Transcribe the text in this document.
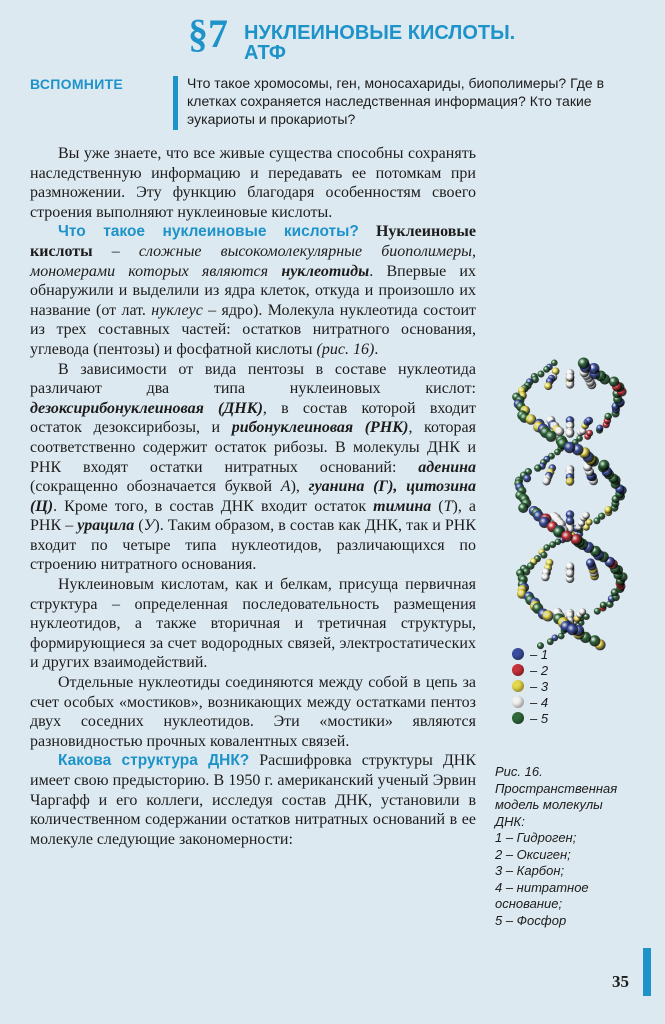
§7 НУКЛЕИНОВЫЕ КИСЛОТЫ.
АТФ
ВСПОМНИТЕ	Что такое хромосомы, ген, моносахариды, биополимеры? Где в клетках сохраняется наследственная информация? Кто такие эукариоты и прокариоты?

Вы уже знаете, что все живые существа способны сохранять наследственную информацию и передавать ее потомкам при размножении. Эту функцию благодаря особенностям своего строения выполняют нуклеиновые кислоты.

Что такое нуклеиновые кислоты? Нуклеиновые кислоты – сложные высокомолекулярные биополимеры, мономерами которых являются нуклеотиды. Впервые их обнаружили и выделили из ядра клеток, откуда и произошло их название (от лат. нуклеус – ядро). Молекула нуклеотида состоит из трех составных частей: остатков нитратного основания, углевода (пентозы) и фосфатной кислоты (рис. 16).

В зависимости от вида пентозы в составе нуклеотида различают два типа нуклеиновых кислот: дезоксирибонуклеиновая (ДНК), в состав которой входит остаток дезоксирибозы, и рибонуклеиновая (РНК), которая соответственно содержит остаток рибозы. В молекулы ДНК и РНК входят остатки нитратных оснований: аденина (сокращенно обозначается буквой А), гуанина (Г), цитозина (Ц). Кроме того, в состав ДНК входит остаток тимина (Т), а РНК – урацила (У). Таким образом, в состав как ДНК, так и РНК входит по четыре типа нуклеотидов, различающихся по строению нитратного основания.

Нуклеиновым кислотам, как и белкам, присуща первичная структура – определенная последовательность размещения нуклеотидов, а также вторичная и третичная структуры, формирующиеся за счет водородных связей, электростатических и других взаимодействий.

Отдельные нуклеотиды соединяются между собой в цепь за счет особых «мостиков», возникающих между остатками пентоз двух соседних нуклеотидов. Эти «мостики» являются разновидностью прочных ковалентных связей.

Какова структура ДНК? Расшифровка структуры ДНК имеет свою предысторию. В 1950 г. американский ученый Эрвин Чаргафф и его коллеги, исследуя состав ДНК, установили в количественном содержании остатков нитратных оснований в ее молекуле следующие закономерности:

– 1
– 2
– 3
– 4
– 5
Рис. 16.
Пространственная
модель молекулы
ДНК:
1 – Гидроген;
2 – Оксиген;
3 – Карбон;
4 – нитратное
основание;
5 – Фосфор
35
